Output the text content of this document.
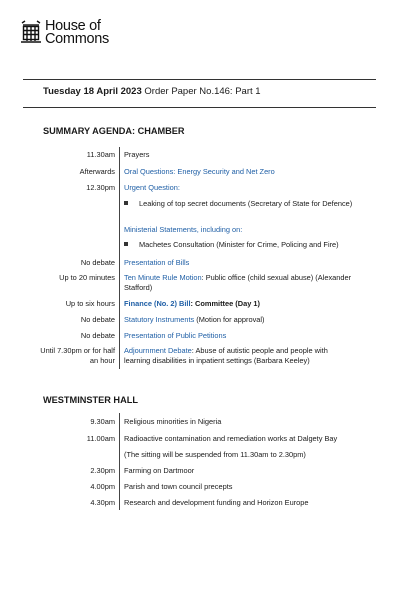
House of
Commons
Tuesday 18 April 2023 Order Paper No.146: Part 1
SUMMARY AGENDA: CHAMBER
11.30am Prayers
Afterwards Oral Questions: Energy Security and Net Zero
12.30pm Urgent Question:
Leaking of top secret documents (Secretary of State for Defence)
Ministerial Statements, including on:
Machetes Consultation (Minister for Crime, Policing and Fire)
No debate Presentation of Bills
Up to 20 minutes Ten Minute Rule Motion: Public office (child sexual abuse) (Alexander Stafford)
Up to six hours Finance (No. 2) Bill: Committee (Day 1)
No debate Statutory Instruments (Motion for approval)
No debate Presentation of Public Petitions
Until 7.30pm or for half an hour
Adjournment Debate: Abuse of autistic people and people with learning disabilities in inpatient settings (Barbara Keeley)
WESTMINSTER HALL
9.30am Religious minorities in Nigeria
11.00am Radioactive contamination and remediation works at Dalgety Bay
(The sitting will be suspended from 11.30am to 2.30pm)
2.30pm Farming on Dartmoor
4.00pm Parish and town council precepts
4.30pm Research and development funding and Horizon Europe
